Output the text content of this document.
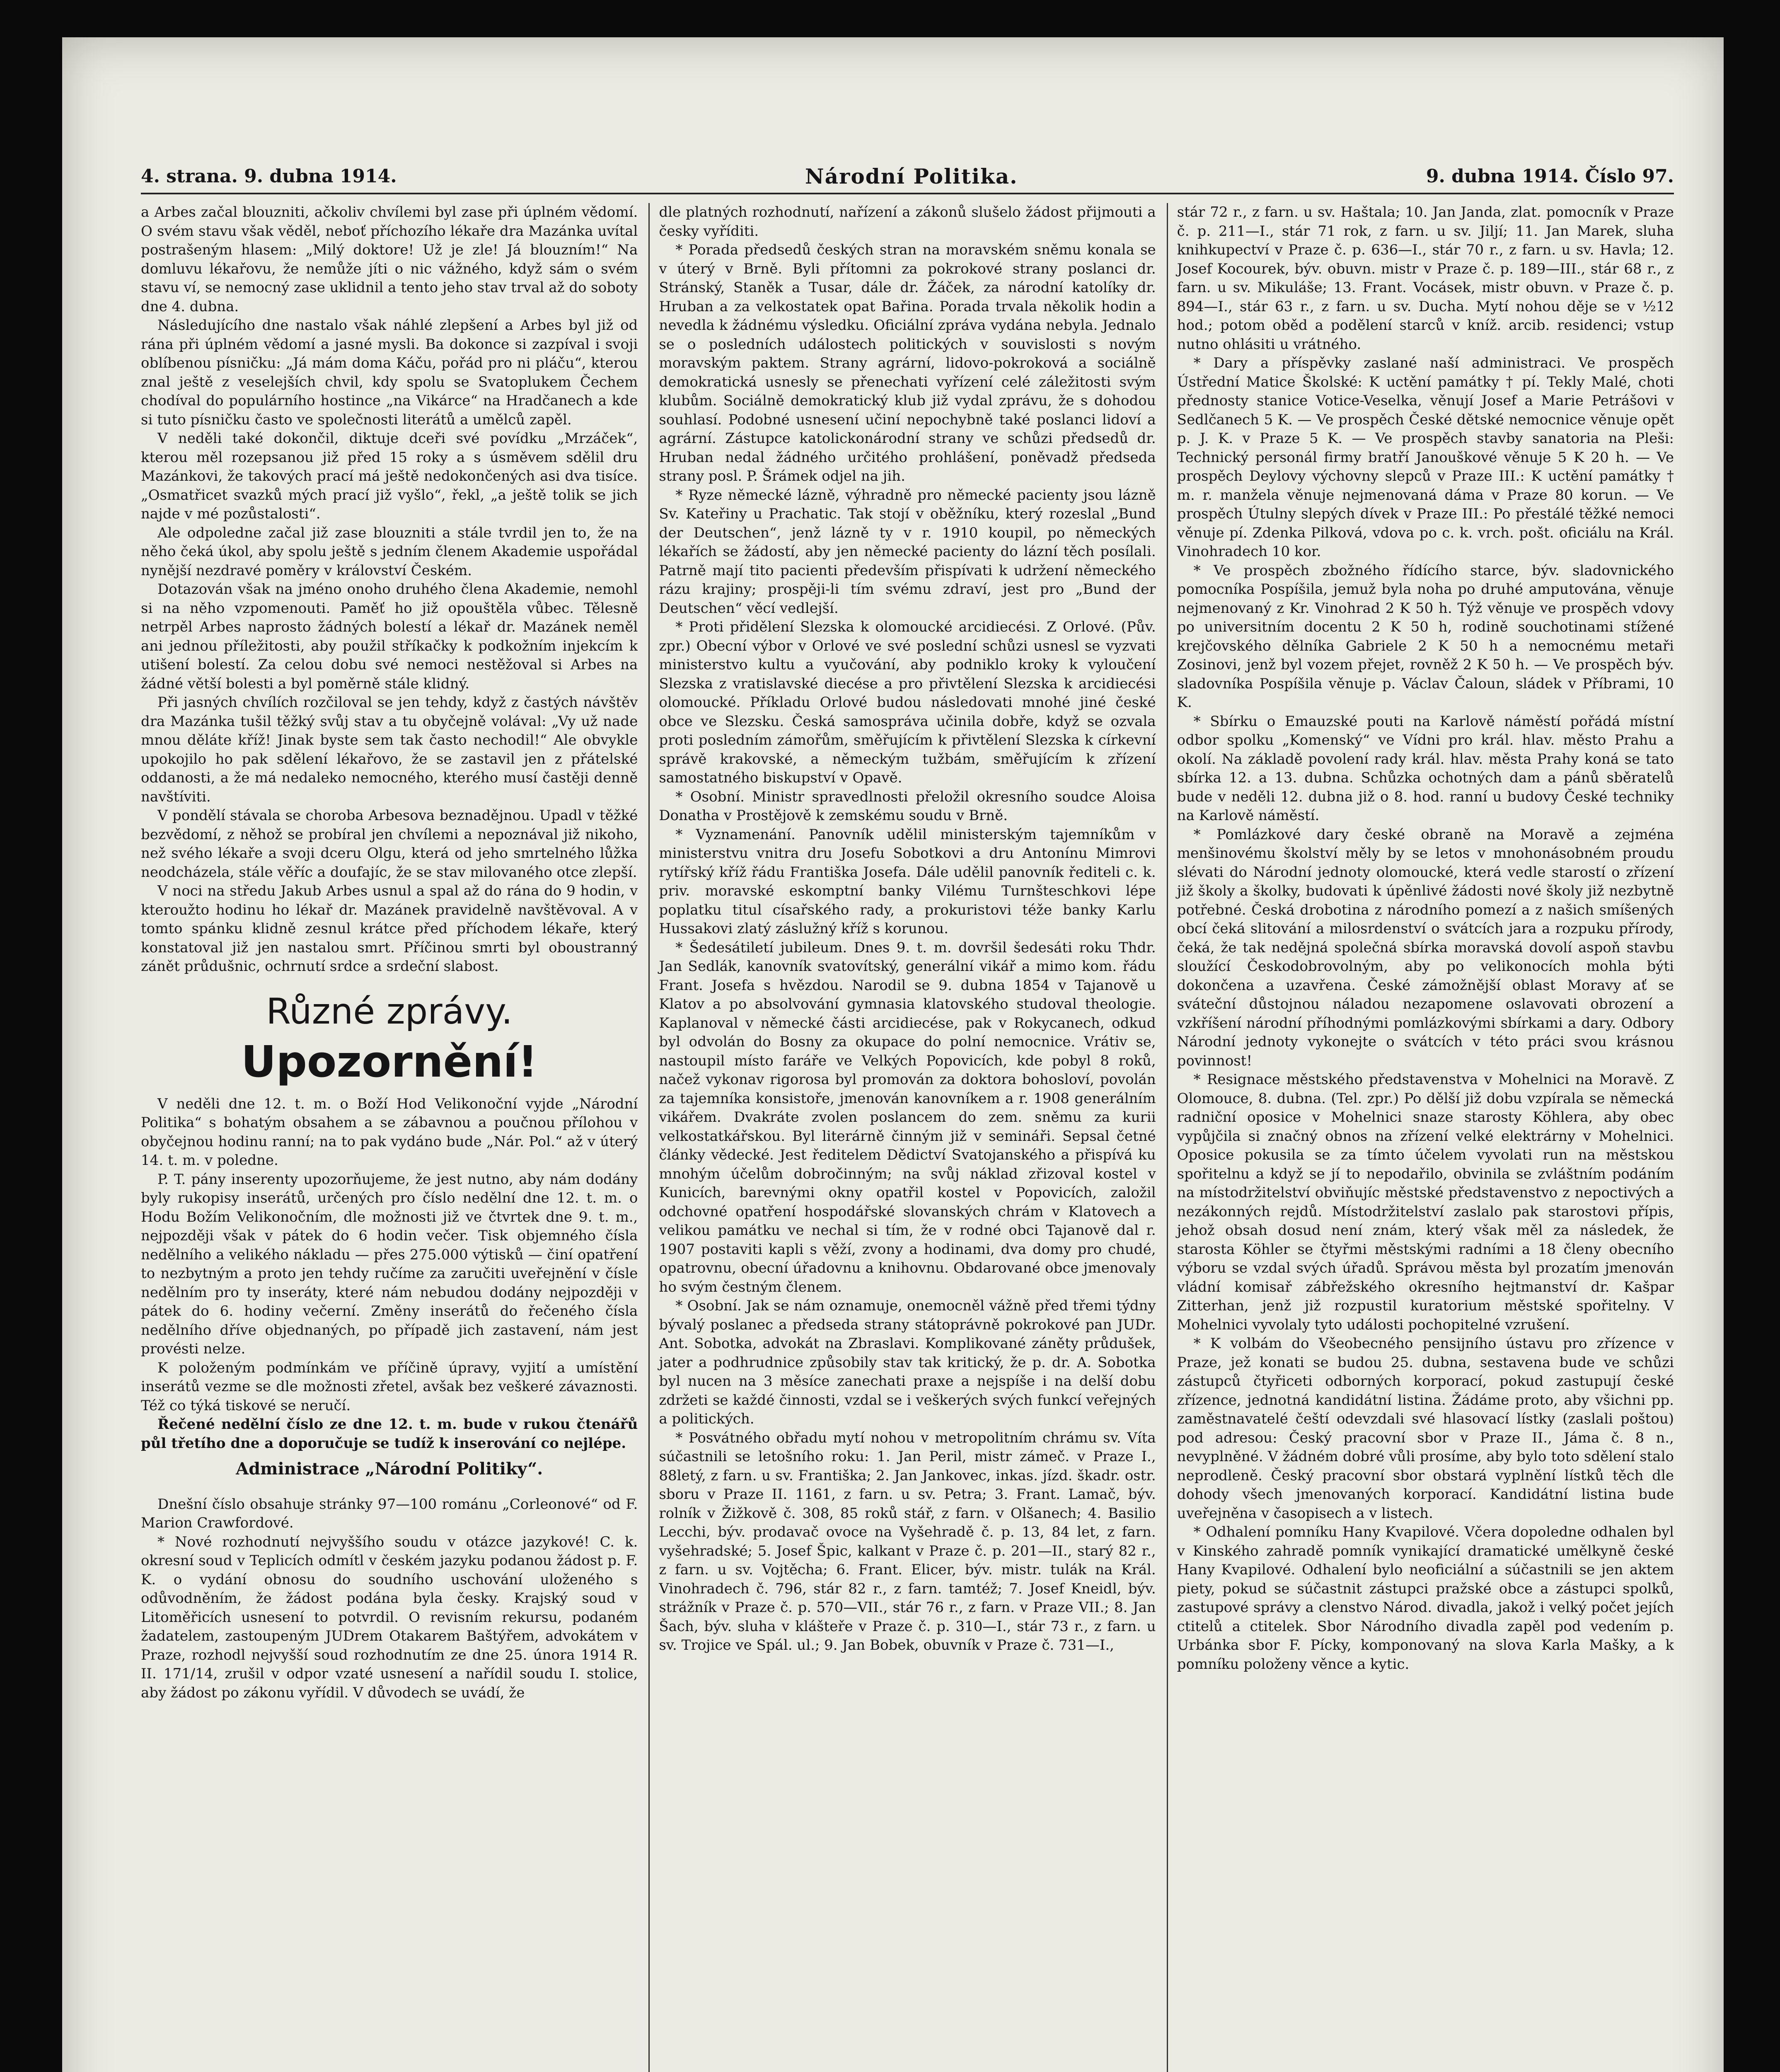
4. strana. 9. dubna 1914.	Národní Politika.	9. dubna 1914. Číslo 97.

a Arbes začal blouzniti, ačkoliv chvílemi byl zase při úplném vědomí. O svém stavu však věděl, neboť příchozího lékaře dra Mazánka uvítal postrašeným hlasem: „Milý doktore! Už je zle! Já blouzním!“ Na domluvu lékařovu, že nemůže jíti o nic vážného, když sám o svém stavu ví, se nemocný zase uklidnil a tento jeho stav trval až do soboty dne 4. dubna.

Následujícího dne nastalo však náhlé zlepšení a Arbes byl již od rána při úplném vědomí a jasné mysli. Ba dokonce si zazpíval i svoji oblíbenou písničku: „Já mám doma Káču, pořád pro ni pláču“, kterou znal ještě z veselejších chvil, kdy spolu se Svatoplukem Čechem chodíval do populárního hostince „na Vikárce“ na Hradčanech a kde si tuto písničku často ve společnosti literátů a umělců zapěl.

V neděli také dokončil, diktuje dceři své povídku „Mrzáček“, kterou měl rozepsanou již před 15 roky a s úsměvem sdělil dru Mazánkovi, že takových prací má ještě nedokončených asi dva tisíce. „Osmatřicet svazků mých prací již vyšlo“, řekl, „a ještě tolik se jich najde v mé pozůstalosti“.

Ale odpoledne začal již zase blouzniti a stále tvrdil jen to, že na něho čeká úkol, aby spolu ještě s jedním členem Akademie uspořádal nynější nezdravé poměry v království Českém.

Dotazován však na jméno onoho druhého člena Akademie, nemohl si na něho vzpomenouti. Paměť ho již opouštěla vůbec. Tělesně netrpěl Arbes naprosto žádných bolestí a lékař dr. Mazánek neměl ani jednou příležitosti, aby použil stříkačky k podkožním injekcím k utišení bolestí. Za celou dobu své nemoci nestěžoval si Arbes na žádné větší bolesti a byl poměrně stále klidný.

Při jasných chvílích rozčiloval se jen tehdy, když z častých návštěv dra Mazánka tušil těžký svůj stav a tu obyčejně volával: „Vy už nade mnou děláte kříž! Jinak byste sem tak často nechodil!“ Ale obvykle upokojilo ho pak sdělení lékařovo, že se zastavil jen z přátelské oddanosti, a že má nedaleko nemocného, kterého musí častěji denně navštíviti.

V pondělí stávala se choroba Arbesova beznadějnou. Upadl v těžké bezvědomí, z něhož se probíral jen chvílemi a nepoznával již nikoho, než svého lékaře a svoji dceru Olgu, která od jeho smrtelného lůžka neodcházela, stále věříc a doufajíc, že se stav milovaného otce zlepší.

V noci na středu Jakub Arbes usnul a spal až do rána do 9 hodin, v kteroužto hodinu ho lékař dr. Mazánek pravidelně navštěvoval. A v tomto spánku klidně zesnul krátce před příchodem lékaře, který konstatoval již jen nastalou smrt. Příčinou smrti byl oboustranný zánět průdušnic, ochrnutí srdce a srdeční slabost.

Různé zprávy.
Upozornění!

V neděli dne 12. t. m. o Boží Hod Velikonoční vyjde „Národní Politika“ s bohatým obsahem a se zábavnou a poučnou přílohou v obyčejnou hodinu ranní; na to pak vydáno bude „Nár. Pol.“ až v úterý 14. t. m. v poledne.

P. T. pány inserenty upozorňujeme, že jest nutno, aby nám dodány byly rukopisy inserátů, určených pro číslo nedělní dne 12. t. m. o Hodu Božím Velikonočním, dle možnosti již ve čtvrtek dne 9. t. m., nejpozději však v pátek do 6 hodin večer. Tisk objemného čísla nedělního a velikého nákladu — přes 275.000 výtisků — činí opatření to nezbytným a proto jen tehdy ručíme za zaručiti uveřejnění v čísle nedělním pro ty inseráty, které nám nebudou dodány nejpozději v pátek do 6. hodiny večerní. Změny inserátů do řečeného čísla nedělního dříve objednaných, po případě jich zastavení, nám jest provésti nelze.

K položeným podmínkám ve příčině úpravy, vyjití a umístění inserátů vezme se dle možnosti zřetel, avšak bez veškeré závaznosti. Též co týká tiskové se neručí.

Řečené nedělní číslo ze dne 12. t. m. bude v rukou čtenářů půl třetího dne a doporučuje se tudíž k inserování co nejlépe.

Administrace „Národní Politiky“.

Dnešní číslo obsahuje stránky 97—100 románu „Corleonové“ od F. Marion Crawfordové.

* Nové rozhodnutí nejvyššího soudu v otázce jazykové! C. k. okresní soud v Teplicích odmítl v českém jazyku podanou žádost p. F. K. o vydání obnosu do soudního uschování uloženého s odůvodněním, že žádost podána byla česky. Krajský soud v Litoměřicích usnesení to potvrdil. O revisním rekursu, podaném žadatelem, zastoupeným JUDrem Otakarem Baštýřem, advokátem v Praze, rozhodl nejvyšší soud rozhodnutím ze dne 25. února 1914 R. II. 171/14, zrušil v odpor vzaté usnesení a nařídil soudu I. stolice, aby žádost po zákonu vyřídil. V důvodech se uvádí, že

dle platných rozhodnutí, nařízení a zákonů slušelo žádost přijmouti a česky vyříditi.

* Porada předsedů českých stran na moravském sněmu konala se v úterý v Brně. Byli přítomni za pokrokové strany poslanci dr. Stránský, Staněk a Tusar, dále dr. Žáček, za národní katolíky dr. Hruban a za velkostatek opat Bařina. Porada trvala několik hodin a nevedla k žádnému výsledku. Oficiální zpráva vydána nebyla. Jednalo se o posledních událostech politických v souvislosti s novým moravským paktem. Strany agrární, lidovo-pokroková a sociálně demokratická usnesly se přenechati vyřízení celé záležitosti svým klubům. Sociálně demokratický klub již vydal zprávu, že s dohodou souhlasí. Podobné usnesení učiní nepochybně také poslanci lidoví a agrární. Zástupce katolickonárodní strany ve schůzi předsedů dr. Hruban nedal žádného určitého prohlášení, poněvadž předseda strany posl. P. Šrámek odjel na jih.

* Ryze německé lázně, výhradně pro německé pacienty jsou lázně Sv. Kateřiny u Prachatic. Tak stojí v oběžníku, který rozeslal „Bund der Deutschen“, jenž lázně ty v r. 1910 koupil, po německých lékařích se žádostí, aby jen německé pacienty do lázní těch posílali. Patrně mají tito pacienti především přispívati k udržení německého rázu krajiny; prospěji-li tím svému zdraví, jest pro „Bund der Deutschen“ věcí vedlejší.

* Proti přidělení Slezska k olomoucké arcidiecési. Z Orlové. (Pův. zpr.) Obecní výbor v Orlové ve své poslední schůzi usnesl se vyzvati ministerstvo kultu a vyučování, aby podniklo kroky k vyloučení Slezska z vratislavské diecése a pro přivtělení Slezska k arcidiecési olomoucké. Příkladu Orlové budou následovati mnohé jiné české obce ve Slezsku. Česká samospráva učinila dobře, když se ozvala proti posledním zámořům, směřujícím k přivtělení Slezska k církevní správě krakovské, a německým tužbám, směřujícím k zřízení samostatného biskupství v Opavě.

* Osobní. Ministr spravedlnosti přeložil okresního soudce Aloisa Donatha v Prostějově k zemskému soudu v Brně.

* Vyznamenání. Panovník udělil ministerským tajemníkům v ministerstvu vnitra dru Josefu Sobotkovi a dru Antonínu Mimrovi rytířský kříž řádu Františka Josefa. Dále udělil panovník řediteli c. k. priv. moravské eskomptní banky Vilému Turnšteschkovi lépe poplatku titul císařského rady, a prokuristovi téže banky Karlu Hussakovi zlatý záslužný kříž s korunou.

* Šedesátiletí jubileum. Dnes 9. t. m. dovršil šedesáti roku Thdr. Jan Sedlák, kanovník svatovítský, generální vikář a mimo kom. řádu Frant. Josefa s hvězdou. Narodil se 9. dubna 1854 v Tajanově u Klatov a po absolvování gymnasia klatovského studoval theologie. Kaplanoval v německé části arcidiecése, pak v Rokycanech, odkud byl odvolán do Bosny za okupace do polní nemocnice. Vrátiv se, nastoupil místo faráře ve Velkých Popovicích, kde pobyl 8 roků, načež vykonav rigorosa byl promován za doktora bohosloví, povolán za tajemníka konsistoře, jmenován kanovníkem a r. 1908 generálním vikářem. Dvakráte zvolen poslancem do zem. sněmu za kurii velkostatkářskou. Byl literárně činným již v semináři. Sepsal četné články vědecké. Jest ředitelem Dědictví Svatojanského a přispívá ku mnohým účelům dobročinným; na svůj náklad zřizoval kostel v Kunicích, barevnými okny opatřil kostel v Popovicích, založil odchovné opatření hospodářské slovanských chrám v Klatovech a velikou památku ve nechal si tím, že v rodné obci Tajanově dal r. 1907 postaviti kapli s věží, zvony a hodinami, dva domy pro chudé, opatrovnu, obecní úřadovnu a knihovnu. Obdarované obce jmenovaly ho svým čestným členem.

* Osobní. Jak se nám oznamuje, onemocněl vážně před třemi týdny bývalý poslanec a předseda strany státoprávně pokrokové pan JUDr. Ant. Sobotka, advokát na Zbraslavi. Komplikované záněty průdušek, jater a podhrudnice způsobily stav tak kritický, že p. dr. A. Sobotka byl nucen na 3 měsíce zanechati praxe a nejspíše i na delší dobu zdržeti se každé činnosti, vzdal se i veškerých svých funkcí veřejných a politických.

* Posvátného obřadu mytí nohou v metropolitním chrámu sv. Víta súčastnili se letošního roku: 1. Jan Peril, mistr zámeč. v Praze I., 88letý, z farn. u sv. Františka; 2. Jan Jankovec, inkas. jízd. škadr. ostr. sboru v Praze II. 1161, z farn. u sv. Petra; 3. Frant. Lamač, býv. rolník v Žižkově č. 308, 85 roků stář, z farn. v Olšanech; 4. Basilio Lecchi, býv. prodavač ovoce na Vyšehradě č. p. 13, 84 let, z farn. vyšehradské; 5. Josef Špic, kalkant v Praze č. p. 201—II., starý 82 r., z farn. u sv. Vojtěcha; 6. Frant. Elicer, býv. mistr. tulák na Král. Vinohradech č. 796, stár 82 r., z farn. tamtéž; 7. Josef Kneidl, býv. strážník v Praze č. p. 570—VII., stár 76 r., z farn. v Praze VII.; 8. Jan Šach, býv. sluha v klášteře v Praze č. p. 310—I., stár 73 r., z farn. u sv. Trojice ve Spál. ul.; 9. Jan Bobek, obuvník v Praze č. 731—I.,

stár 72 r., z farn. u sv. Haštala; 10. Jan Janda, zlat. pomocník v Praze č. p. 211—I., stár 71 rok, z farn. u sv. Jiljí; 11. Jan Marek, sluha knihkupectví v Praze č. p. 636—I., stár 70 r., z farn. u sv. Havla; 12. Josef Kocourek, býv. obuvn. mistr v Praze č. p. 189—III., stár 68 r., z farn. u sv. Mikuláše; 13. Frant. Vocásek, mistr obuvn. v Praze č. p. 894—I., stár 63 r., z farn. u sv. Ducha. Mytí nohou děje se v ½12 hod.; potom oběd a podělení starců v kníž. arcib. residenci; vstup nutno ohlásiti u vrátného.

* Dary a příspěvky zaslané naší administraci. Ve prospěch Ústřední Matice Školské: K uctění památky † pí. Tekly Malé, choti přednosty stanice Votice-Veselka, věnují Josef a Marie Petrášovi v Sedlčanech 5 K. — Ve prospěch České dětské nemocnice věnuje opět p. J. K. v Praze 5 K. — Ve prospěch stavby sanatoria na Pleši: Technický personál firmy bratří Janouškové věnuje 5 K 20 h. — Ve prospěch Deylovy výchovny slepců v Praze III.: K uctění památky † m. r. manžela věnuje nejmenovaná dáma v Praze 80 korun. — Ve prospěch Útulny slepých dívek v Praze III.: Po přestálé těžké nemoci věnuje pí. Zdenka Pilková, vdova po c. k. vrch. pošt. oficiálu na Král. Vinohradech 10 kor.

* Ve prospěch zbožného řídícího starce, býv. sladovnického pomocníka Pospíšila, jemuž byla noha po druhé amputována, věnuje nejmenovaný z Kr. Vinohrad 2 K 50 h. Týž věnuje ve prospěch vdovy po universitním docentu 2 K 50 h, rodině souchotinami stížené krejčovského dělníka Gabriele 2 K 50 h a nemocnému metaři Zosinovi, jenž byl vozem přejet, rovněž 2 K 50 h. — Ve prospěch býv. sladovníka Pospíšila věnuje p. Václav Čaloun, sládek v Příbrami, 10 K.

* Sbírku o Emauzské pouti na Karlově náměstí pořádá místní odbor spolku „Komenský“ ve Vídni pro král. hlav. město Prahu a okolí. Na základě povolení rady král. hlav. města Prahy koná se tato sbírka 12. a 13. dubna. Schůzka ochotných dam a pánů sběratelů bude v neděli 12. dubna již o 8. hod. ranní u budovy České techniky na Karlově náměstí.

* Pomlázkové dary české obraně na Moravě a zejména menšinovému školství měly by se letos v mnohonásobném proudu slévati do Národní jednoty olomoucké, která vedle starostí o zřízení již školy a školky, budovati k úpěnlivé žádosti nové školy již nezbytně potřebné. Česká drobotina z národního pomezí a z našich smíšených obcí čeká slitování a milosrdenství o svátcích jara a rozpuku přírody, čeká, že tak nedějná společná sbírka moravská dovolí aspoň stavbu sloužící Českodobrovolným, aby po velikonocích mohla býti dokončena a uzavřena. České zámožnější oblast Moravy ať se sváteční důstojnou náladou nezapomene oslavovati obrození a vzkříšení národní příhodnými pomlázkovými sbírkami a dary. Odbory Národní jednoty vykonejte o svátcích v této práci svou krásnou povinnost!

* Resignace městského představenstva v Mohelnici na Moravě. Z Olomouce, 8. dubna. (Tel. zpr.) Po dělší již dobu vzpírala se německá radniční oposice v Mohelnici snaze starosty Köhlera, aby obec vypůjčila si značný obnos na zřízení velké elektrárny v Mohelnici. Oposice pokusila se za tímto účelem vyvolati run na městskou spořitelnu a když se jí to nepodařilo, obvinila se zvláštním podáním na místodržitelství obviňujíc městské představenstvo z nepoctivých a nezákonných rejdů. Místodržitelství zaslalo pak starostovi přípis, jehož obsah dosud není znám, který však měl za následek, že starosta Köhler se čtyřmi městskými radními a 18 členy obecního výboru se vzdal svých úřadů. Správou města byl prozatím jmenován vládní komisař zábřežského okresního hejtmanství dr. Kašpar Zitterhan, jenž již rozpustil kuratorium městské spořitelny. V Mohelnici vyvolaly tyto události pochopitelné vzrušení.

* K volbám do Všeobecného pensijního ústavu pro zřízence v Praze, jež konati se budou 25. dubna, sestavena bude ve schůzi zástupců čtyřiceti odborných korporací, pokud zastupují české zřízence, jednotná kandidátní listina. Žádáme proto, aby všichni pp. zaměstnavatelé čeští odevzdali své hlasovací lístky (zaslali poštou) pod adresou: Český pracovní sbor v Praze II., Jáma č. 8 n., nevyplněné. V žádném dobré vůli prosíme, aby bylo toto sdělení stalo neprodleně. Český pracovní sbor obstará vyplnění lístků těch dle dohody všech jmenovaných korporací. Kandidátní listina bude uveřejněna v časopisech a v listech.

* Odhalení pomníku Hany Kvapilové. Včera dopoledne odhalen byl v Kinského zahradě pomník vynikající dramatické umělkyně české Hany Kvapilové. Odhalení bylo neoficiální a súčastnili se jen aktem piety, pokud se súčastnit zástupci pražské obce a zástupci spolků, zastupové správy a clenstvo Národ. divadla, jakož i velký počet jejích ctitelů a ctitelek. Sbor Národního divadla zapěl pod vedením p. Urbánka sbor F. Pícky, komponovaný na slova Karla Mašky, a k pomníku položeny věnce a kytic.
